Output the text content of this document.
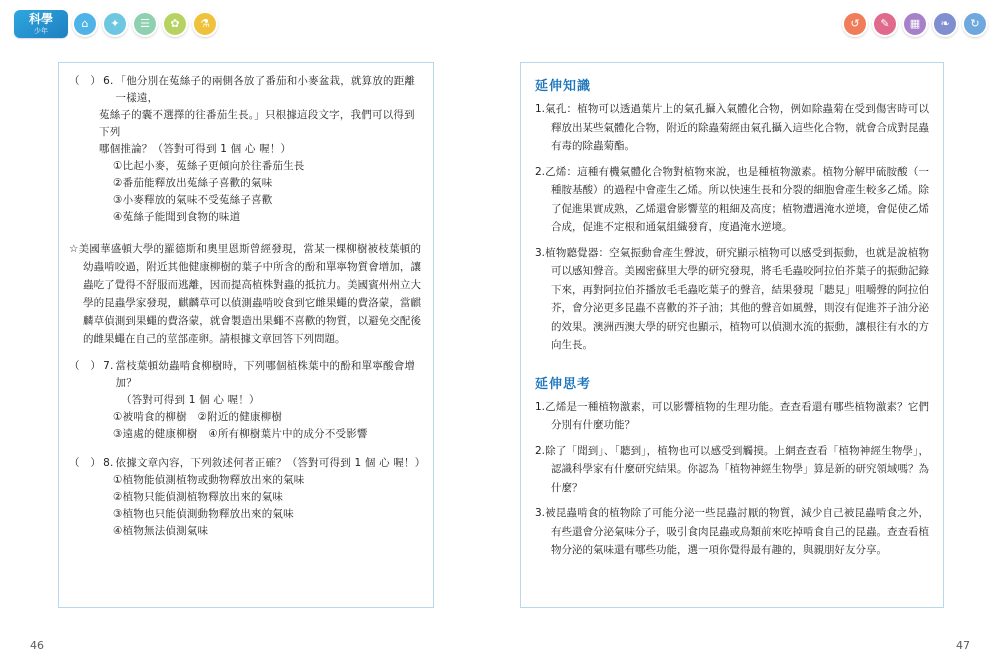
科學
少年
⌂ ✦ ☰ ✿ ⚗	↺ ✎ ▦ ❧ ↻
（　） 6. 「他分別在菟絲子的兩側各放了番茄和小麥盆栽，就算放的距離一樣遠，
菟絲子的囊不選擇的往番茄生長。」只根據這段文字，我們可以得到下列
哪個推論？（答對可得到 1 個 心 喔！）
①比起小麥，菟絲子更傾向於往番茄生長
②番茄能釋放出菟絲子喜歡的氣味
③小麥釋放的氣味不受菟絲子喜歡
④菟絲子能聞到食物的味道
☆美國華盛頓大學的羅德斯和奧里恩斯曾經發現，當某一棵柳樹被枝葉頓的幼蟲啃咬過，附近其他健康柳樹的葉子中所含的酚和單寧物質會增加，讓蟲吃了覺得不舒服而逃離，因而提高植株對蟲的抵抗力。美國賓州州立大學的昆蟲學家發現，麒麟草可以偵測蟲啃咬食到它雌果蠅的費洛蒙，當麒麟草偵測到果蠅的費洛蒙，就會製造出果蠅不喜歡的物質，以避免交配後的雌果蠅在自己的莖部產卵。請根據文章回答下列問題。
（　） 7. 當枝葉頓幼蟲啃食柳樹時，下列哪個植株葉中的酚和單寧酸會增加？
（答對可得到 1 個 心 喔！）
①被啃食的柳樹　②附近的健康柳樹
③遠處的健康柳樹　④所有柳樹葉片中的成分不受影響
（　） 8. 依據文章內容，下列敘述何者正確？（答對可得到 1 個 心 喔！）
①植物能偵測植物或動物釋放出來的氣味
②植物只能偵測植物釋放出來的氣味
③植物也只能偵測動物釋放出來的氣味
④植物無法偵測氣味
延伸知識
1.氣孔：植物可以透過葉片上的氣孔攝入氣體化合物，例如除蟲菊在受到傷害時可以釋放出某些氣體化合物，附近的除蟲菊經由氣孔攝入這些化合物，就會合成對昆蟲有毒的除蟲菊酯。
2.乙烯：這種有機氣體化合物對植物來說，也是種植物激素。植物分解甲硫胺酸（一種胺基酸）的過程中會產生乙烯。所以快速生長和分裂的細胞會產生較多乙烯。除了促進果實成熟，乙烯還會影響莖的粗細及高度；植物遭遇淹水逆境，會促使乙烯合成，促進不定根和通氣組織發育，度過淹水逆境。
3.植物聽覺器：空氣振動會產生聲波，研究顯示植物可以感受到振動，也就是說植物可以感知聲音。美國密蘇里大學的研究發現，將毛毛蟲咬阿拉伯芥葉子的振動記錄下來，再對阿拉伯芥播放毛毛蟲吃葉子的聲音，結果發現「聽見」咀嚼聲的阿拉伯芥，會分泌更多昆蟲不喜歡的芥子油；其他的聲音如風聲，則沒有促進芥子油分泌的效果。澳洲西澳大學的研究也顯示，植物可以偵測水流的振動，讓根往有水的方向生長。
延伸思考
1.乙烯是一種植物激素，可以影響植物的生理功能。查查看還有哪些植物激素？它們分別有什麼功能？
2.除了「聞到」、「聽到」，植物也可以感受到觸摸。上網查查看「植物神經生物學」，認識科學家有什麼研究結果。你認為「植物神經生物學」算是新的研究領域嗎？為什麼？
3.被昆蟲啃食的植物除了可能分泌一些昆蟲討厭的物質，減少自己被昆蟲啃食之外，有些還會分泌氣味分子，吸引食肉昆蟲或鳥類前來吃掉啃食自己的昆蟲。查查看植物分泌的氣味還有哪些功能，選一項你覺得最有趣的，與親朋好友分享。
46	47
